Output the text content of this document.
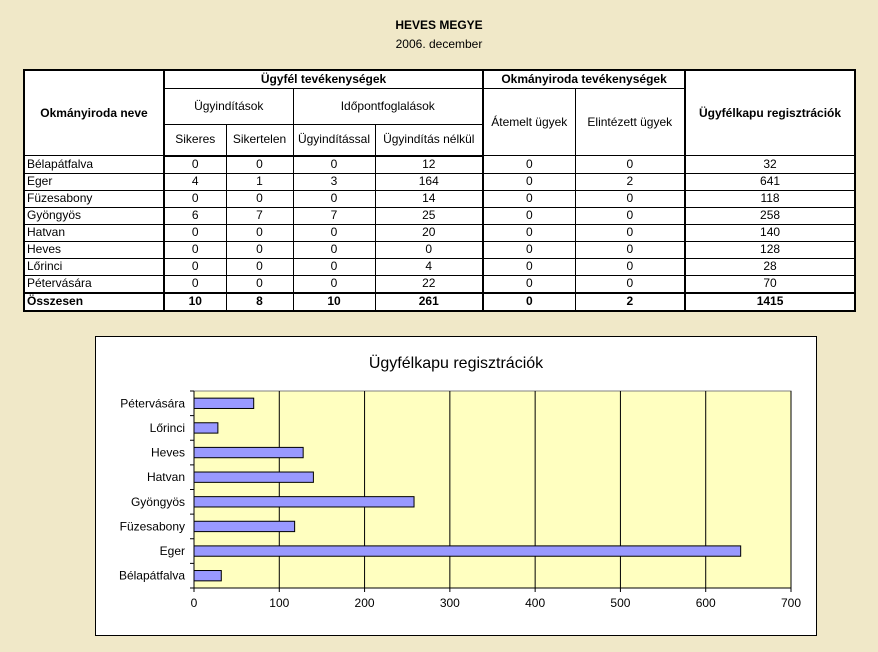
HEVES MEGYE
2006. december
Okmányiroda neve	Ügyfél tevékenységek				Okmányiroda tevékenységek		Ügyfélkapu regisztrációk
	Ügyindítások		Időpontfoglalások		Átemelt ügyek	Elintézett ügyek	
	Sikeres	Sikertelen	Ügyindítással	Ügyindítás nélkül			
Bélapátfalva	0	0	0	12	0	0	32
Eger	4	1	3	164	0	2	641
Füzesabony	0	0	0	14	0	0	118
Gyöngyös	6	7	7	25	0	0	258
Hatvan	0	0	0	20	0	0	140
Heves	0	0	0	0	0	0	128
Lőrinci	0	0	0	4	0	0	28
Pétervására	0	0	0	22	0	0	70
Összesen	10	8	10	261	0	2	1415
Ügyfélkapu regisztrációk
0	100	200	300	400	500	600	700
Bélapátfalva
Eger
Füzesabony
Gyöngyös
Hatvan
Heves
Lőrinci
Pétervására
